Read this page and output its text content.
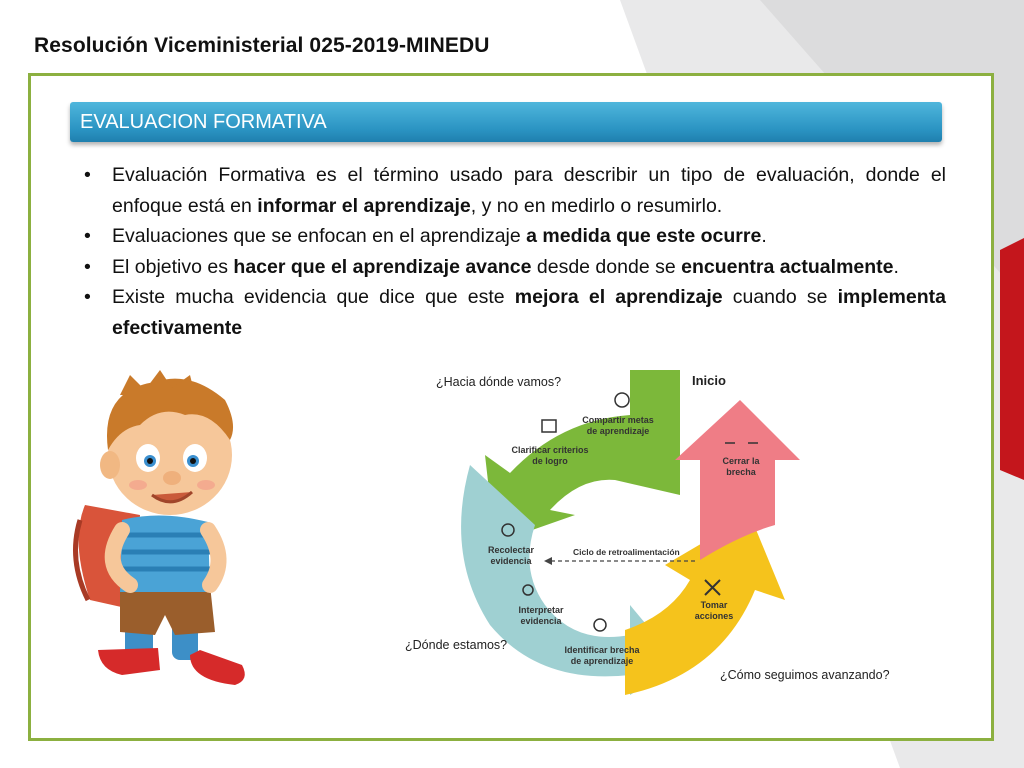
Resolución Viceministerial 025-2019-MINEDU
EVALUACION FORMATIVA
• Evaluación Formativa es el término usado para describir un tipo de evaluación, donde el enfoque está en informar el aprendizaje, y no en medirlo o resumirlo.
• Evaluaciones que se enfocan en el aprendizaje a medida que este ocurre.
• El objetivo es hacer que el aprendizaje avance desde donde se encuentra actualmente.
• Existe mucha evidencia que dice que este mejora el aprendizaje cuando se implementa efectivamente
¿Hacia dónde vamos?	Inicio
¿Dónde estamos?
¿Cómo seguimos avanzando?
Ciclo de retroalimentación
Compartir metas de aprendizaje
Clarificar criterios de logro
Recolectar evidencia
Interpretar evidencia
Identificar brecha de aprendizaje
Tomar acciones
Cerrar la brecha
